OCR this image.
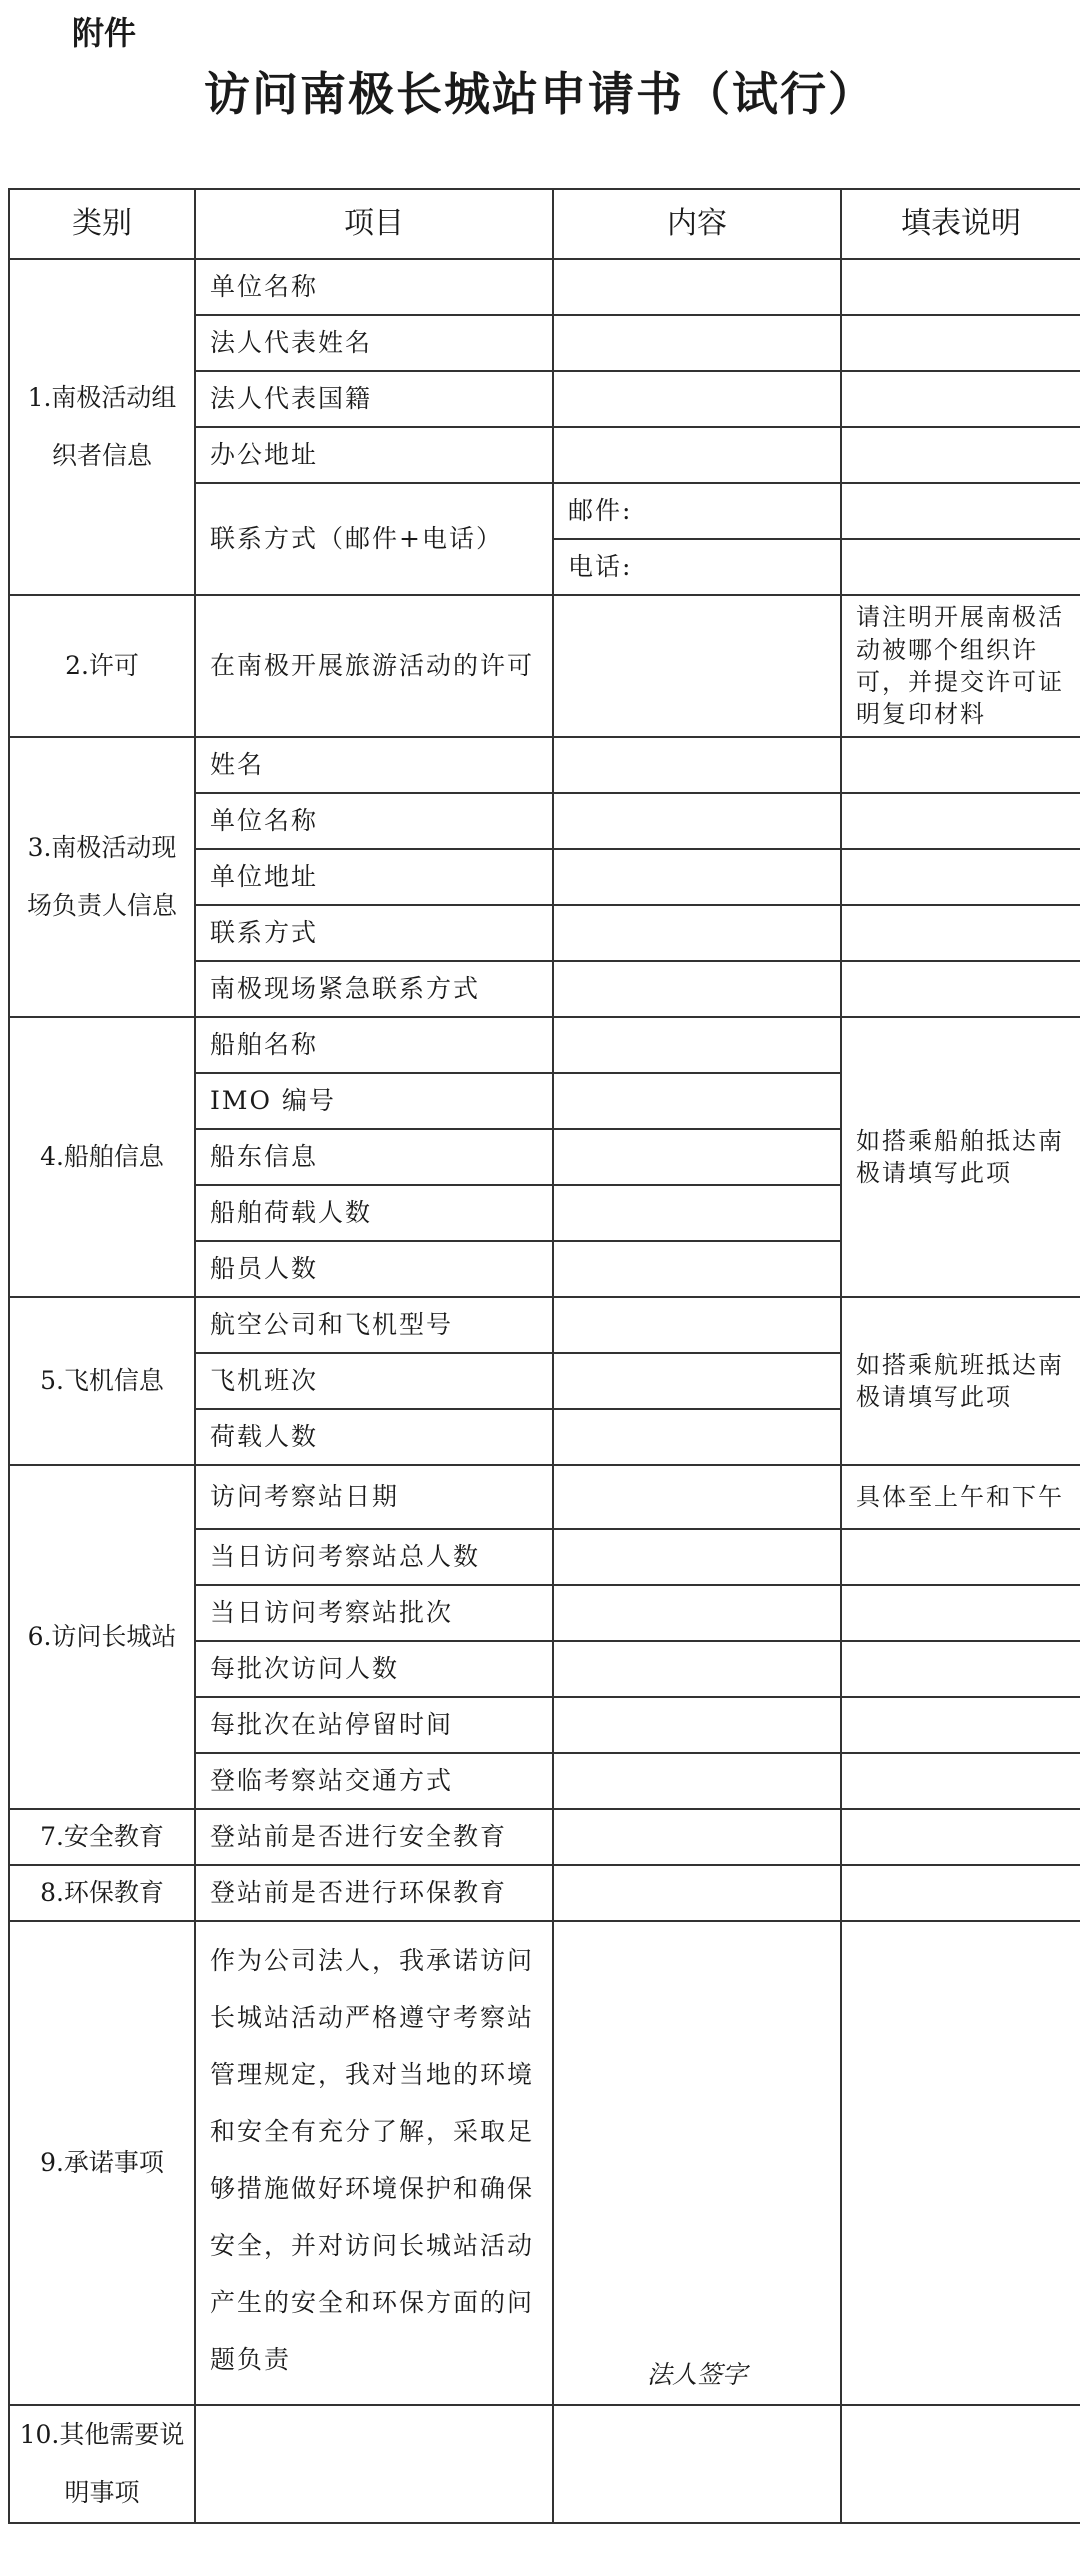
附件
访问南极长城站申请书（试行）
类别	项目	内容	填表说明
1.南极活动组织者信息	单位名称		
	法人代表姓名		
	法人代表国籍		
	办公地址		
	联系方式（邮件+电话）	邮件:	
		电话:	
2.许可	在南极开展旅游活动的许可		请注明开展南极活动被哪个组织许可，并提交许可证明复印材料
3.南极活动现场负责人信息	姓名		
	单位名称		
	单位地址		
	联系方式		
	南极现场紧急联系方式		
4.船舶信息	船舶名称		如搭乘船舶抵达南极请填写此项
	IMO 编号		
	船东信息		
	船舶荷载人数		
	船员人数		
5.飞机信息	航空公司和飞机型号		如搭乘航班抵达南极请填写此项
	飞机班次		
	荷载人数		
6.访问长城站	访问考察站日期		具体至上午和下午
	当日访问考察站总人数		
	当日访问考察站批次		
	每批次访问人数		
	每批次在站停留时间		
	登临考察站交通方式		
7.安全教育	登站前是否进行安全教育		
8.环保教育	登站前是否进行环保教育		
9.承诺事项	作为公司法人，我承诺访问长城站活动严格遵守考察站管理规定，我对当地的环境和安全有充分了解，采取足够措施做好环境保护和确保安全，并对访问长城站活动产生的安全和环保方面的问题负责	法人签字	
10.其他需要说明事项			
